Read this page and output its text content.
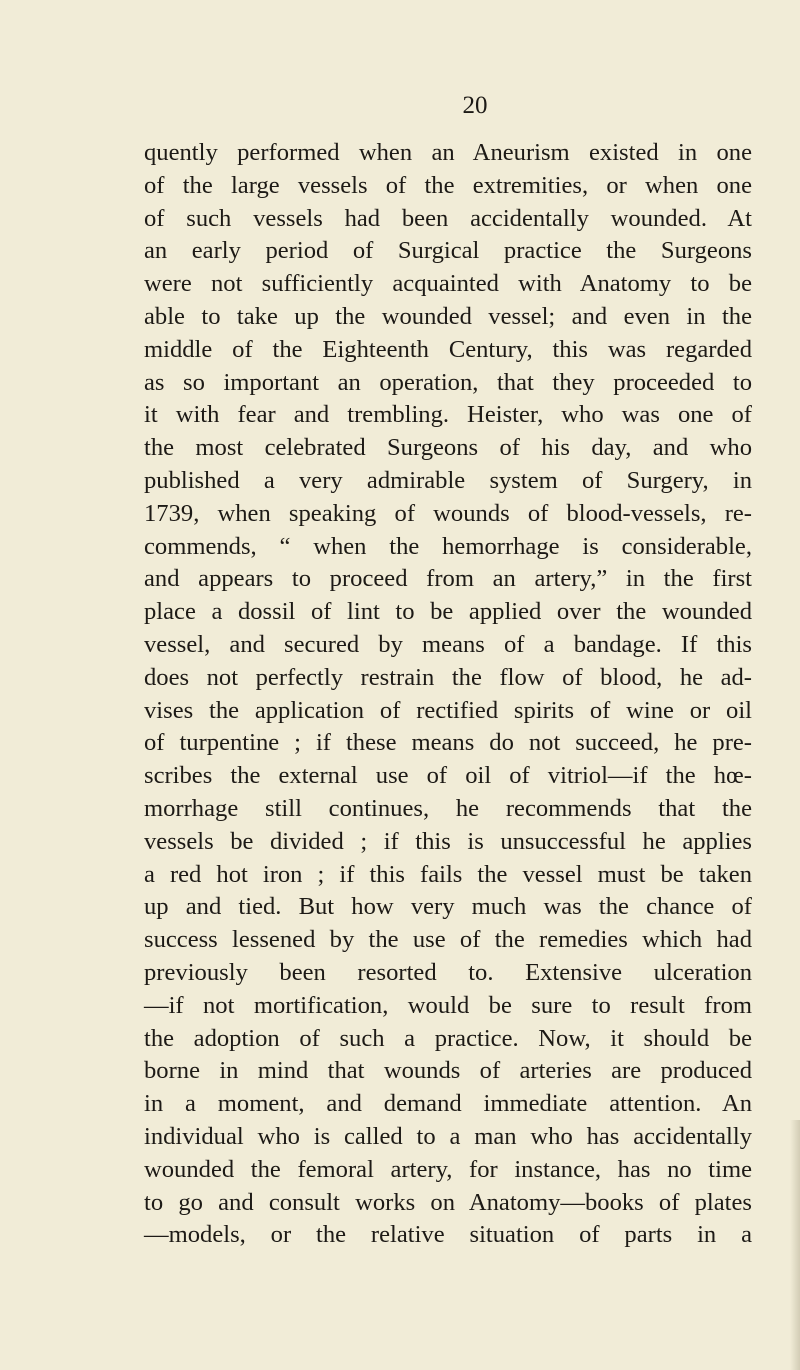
20
quently performed when an Aneurism existed in one
of the large vessels of the extremities, or when one
of such vessels had been accidentally wounded. At
an early period of Surgical practice the Surgeons
were not sufficiently acquainted with Anatomy to be
able to take up the wounded vessel; and even in the
middle of the Eighteenth Century, this was regarded
as so important an operation, that they proceeded to
it with fear and trembling. Heister, who was one of
the most celebrated Surgeons of his day, and who
published a very admirable system of Surgery, in
1739, when speaking of wounds of blood-vessels, re-
commends, “ when the hemorrhage is considerable,
and appears to proceed from an artery,” in the first
place a dossil of lint to be applied over the wounded
vessel, and secured by means of a bandage. If this
does not perfectly restrain the flow of blood, he ad-
vises the application of rectified spirits of wine or oil
of turpentine ; if these means do not succeed, he pre-
scribes the external use of oil of vitriol—if the hœ-
morrhage still continues, he recommends that the
vessels be divided ; if this is unsuccessful he applies
a red hot iron ; if this fails the vessel must be taken
up and tied. But how very much was the chance of
success lessened by the use of the remedies which had
previously been resorted to. Extensive ulceration
—if not mortification, would be sure to result from
the adoption of such a practice. Now, it should be
borne in mind that wounds of arteries are produced
in a moment, and demand immediate attention. An
individual who is called to a man who has accidentally
wounded the femoral artery, for instance, has no time
to go and consult works on Anatomy—books of plates
—models, or the relative situation of parts in a
